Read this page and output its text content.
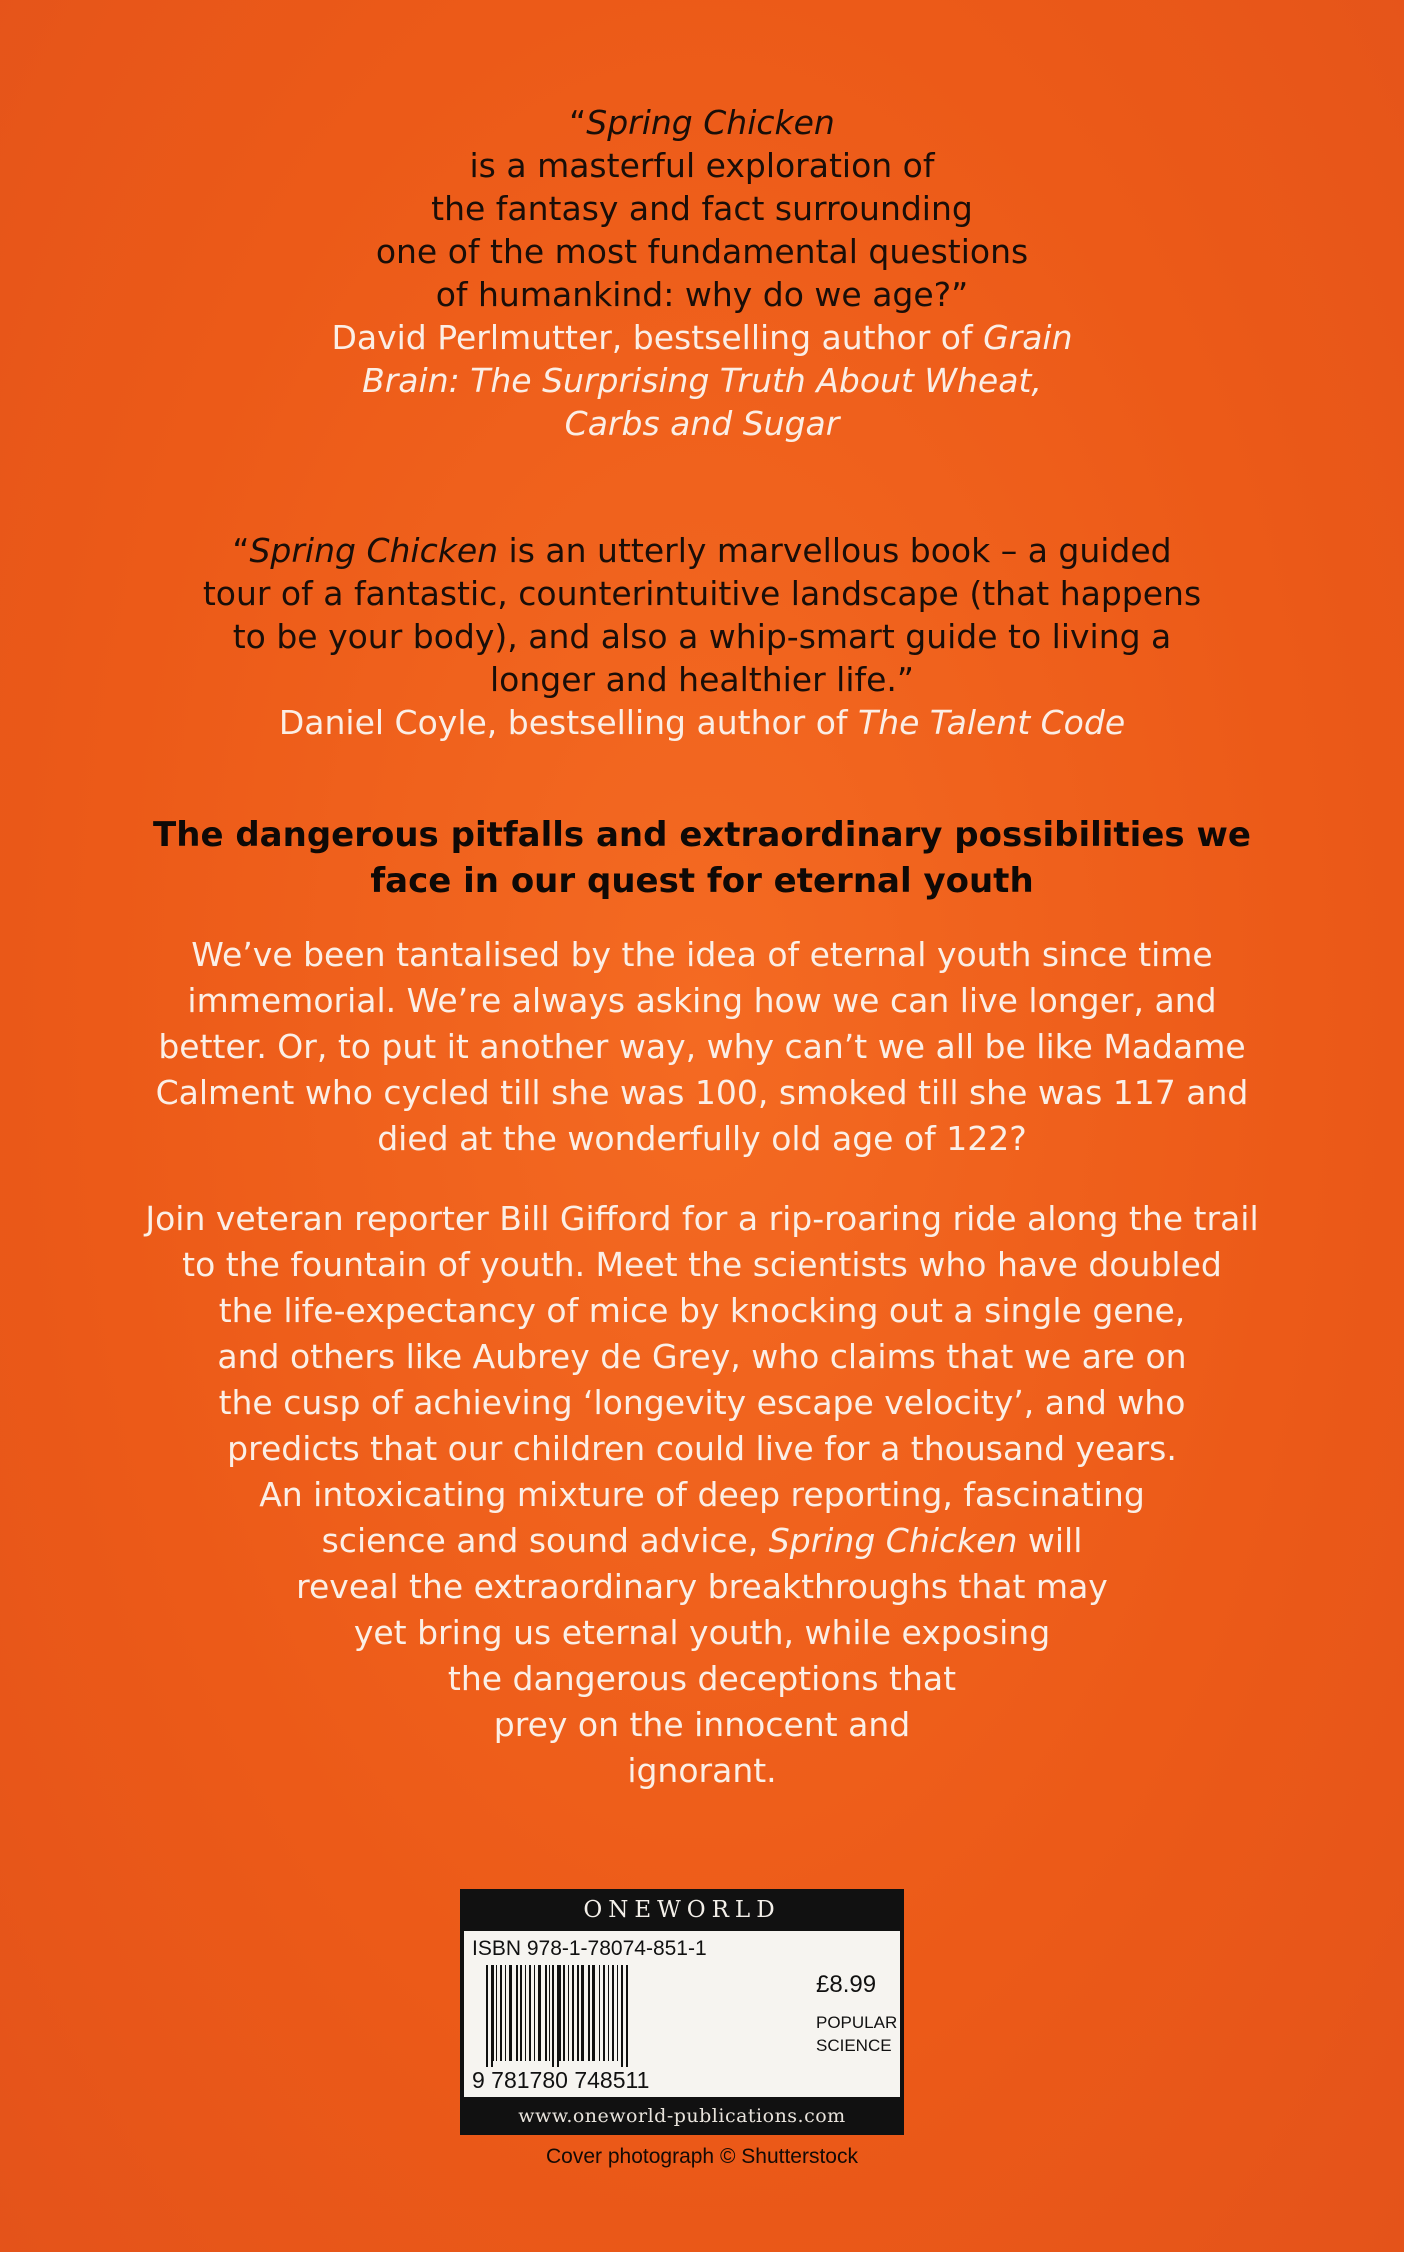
“Spring Chicken
is a masterful exploration of
the fantasy and fact surrounding
one of the most fundamental questions
of humankind: why do we age?”
David Perlmutter, bestselling author of Grain
Brain: The Surprising Truth About Wheat,
Carbs and Sugar
“Spring Chicken is an utterly marvellous book – a guided
tour of a fantastic, counterintuitive landscape (that happens
to be your body), and also a whip-smart guide to living a
longer and healthier life.”
Daniel Coyle, bestselling author of The Talent Code
The dangerous pitfalls and extraordinary possibilities we
face in our quest for eternal youth
We’ve been tantalised by the idea of eternal youth since time
immemorial. We’re always asking how we can live longer, and
better. Or, to put it another way, why can’t we all be like Madame
Calment who cycled till she was 100, smoked till she was 117 and
died at the wonderfully old age of 122?
Join veteran reporter Bill Gifford for a rip-roaring ride along the trail
to the fountain of youth. Meet the scientists who have doubled
the life-expectancy of mice by knocking out a single gene,
and others like Aubrey de Grey, who claims that we are on
the cusp of achieving ‘longevity escape velocity’, and who
predicts that our children could live for a thousand years.
An intoxicating mixture of deep reporting, fascinating
science and sound advice, Spring Chicken will
reveal the extraordinary breakthroughs that may
yet bring us eternal youth, while exposing
the dangerous deceptions that
prey on the innocent and
ignorant.
ONEWORLD
ISBN 978-1-78074-851-1
9 781780 748511
£8.99
POPULAR
SCIENCE
www.oneworld-publications.com
Cover photograph © Shutterstock
